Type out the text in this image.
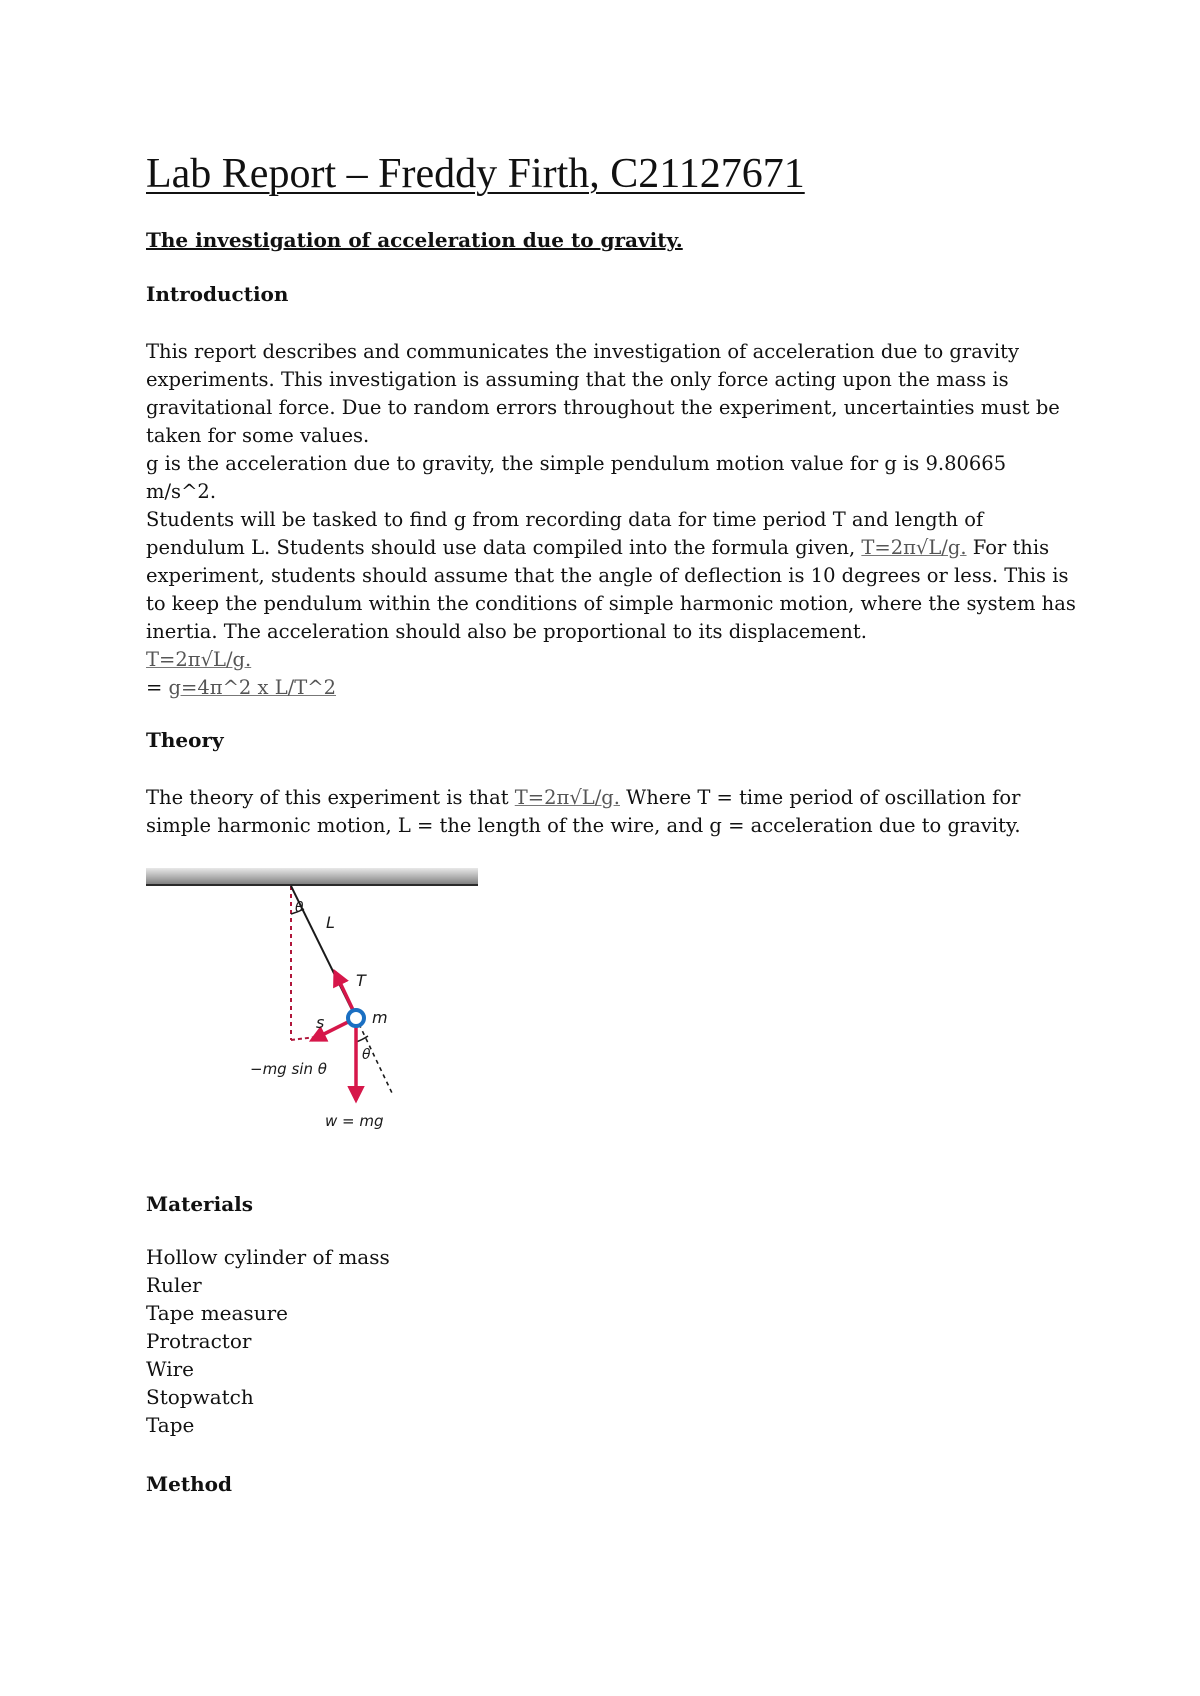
Lab Report – Freddy Firth, C21127671

The investigation of acceleration due to gravity.

Introduction
This report describes and communicates the investigation of acceleration due to gravity
experiments. This investigation is assuming that the only force acting upon the mass is
gravitational force. Due to random errors throughout the experiment, uncertainties must be
taken for some values.
g is the acceleration due to gravity, the simple pendulum motion value for g is 9.80665
m/s^2.
Students will be tasked to find g from recording data for time period T and length of
pendulum L. Students should use data compiled into the formula given, T=2π√L/g. For this
experiment, students should assume that the angle of deflection is 10 degrees or less. This is
to keep the pendulum within the conditions of simple harmonic motion, where the system has
inertia. The acceleration should also be proportional to its displacement.
T=2π√L/g.
= g=4π^2 x L/T^2
Theory
The theory of this experiment is that T=2π√L/g. Where T = time period of oscillation for
simple harmonic motion, L = the length of the wire, and g = acceleration due to gravity.
Materials
Hollow cylinder of mass
Ruler
Tape measure
Protractor
Wire
Stopwatch
Tape
Method
θ
L
T
s	m
−mg sin θ
θ
w = mg
